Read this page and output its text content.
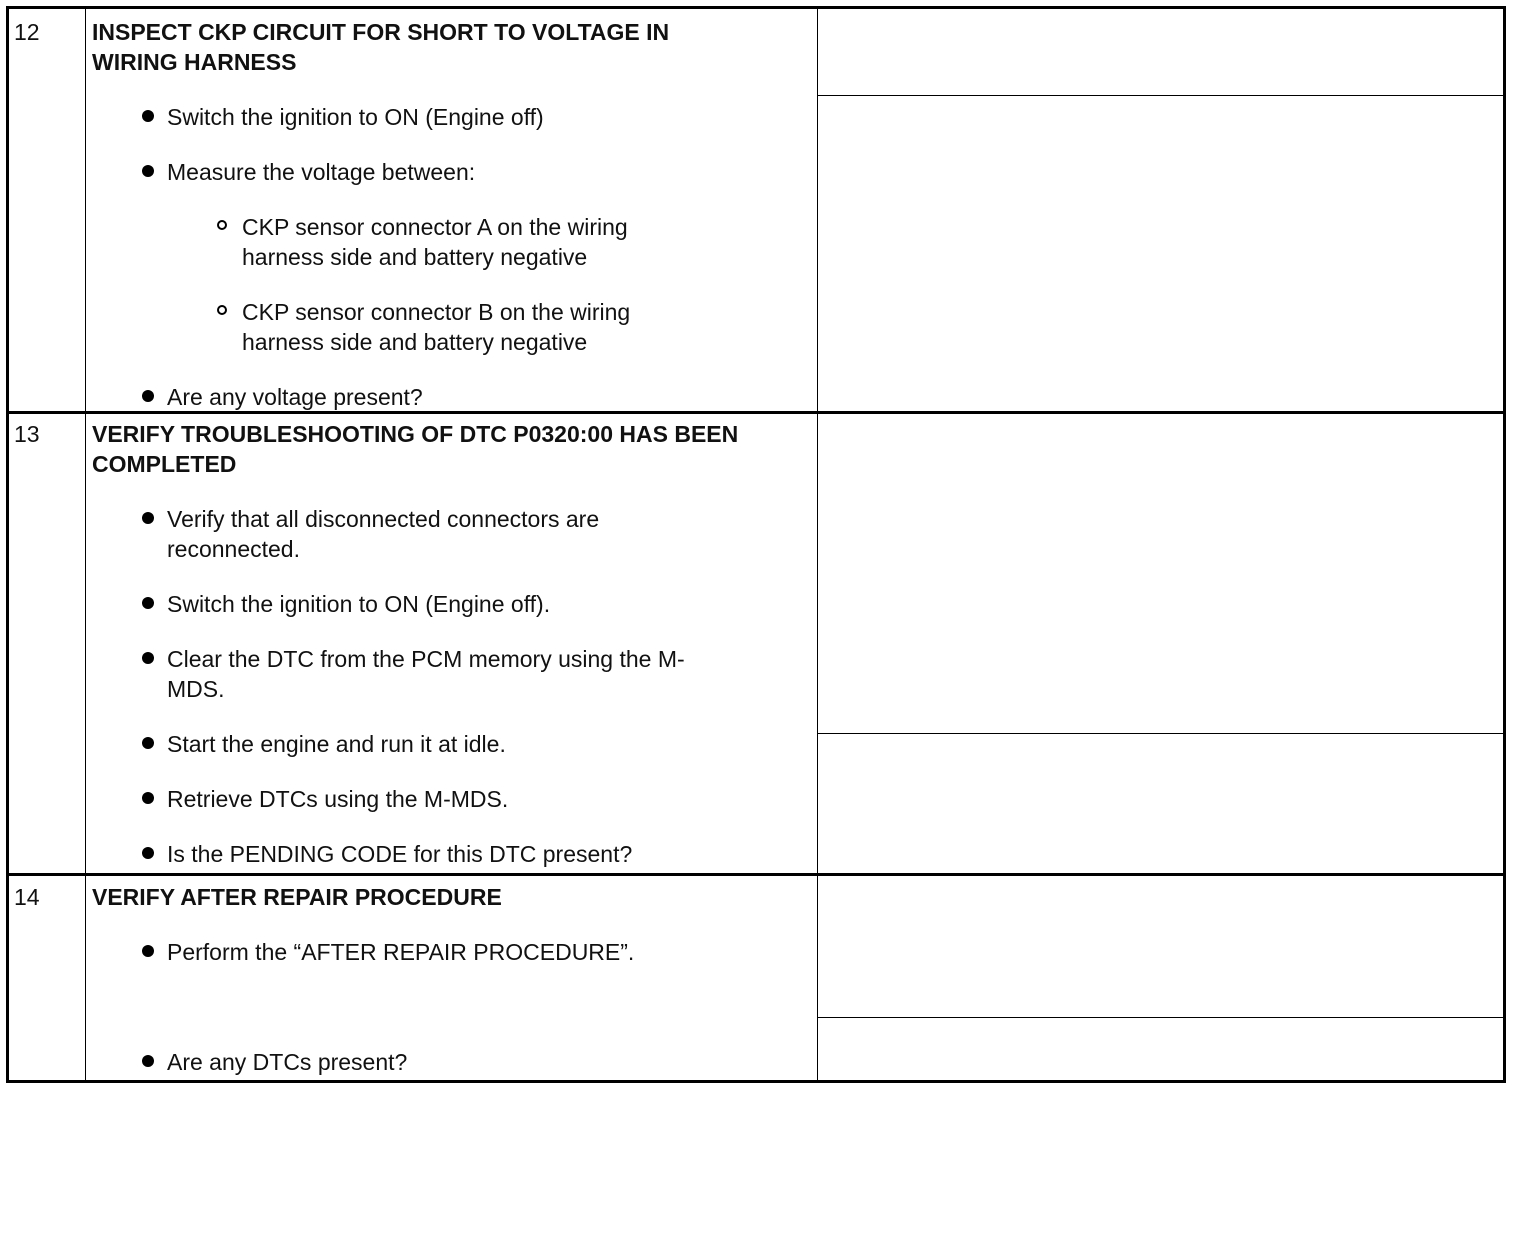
12	INSPECT CKP CIRCUIT FOR SHORT TO VOLTAGE IN WIRING HARNESS

Switch the ignition to ON (Engine off)
Measure the voltage between:
CKP sensor connector A on the wiring harness side and battery negative
CKP sensor connector B on the wiring harness side and battery negative
Are any voltage present?
13	VERIFY TROUBLESHOOTING OF DTC P0320:00 HAS BEEN COMPLETED

Verify that all disconnected connectors are reconnected.
Switch the ignition to ON (Engine off).
Clear the DTC from the PCM memory using the M-MDS.
Start the engine and run it at idle.
Retrieve DTCs using the M-MDS.
Is the PENDING CODE for this DTC present?
14	VERIFY AFTER REPAIR PROCEDURE

Perform the “AFTER REPAIR PROCEDURE”.
Are any DTCs present?
